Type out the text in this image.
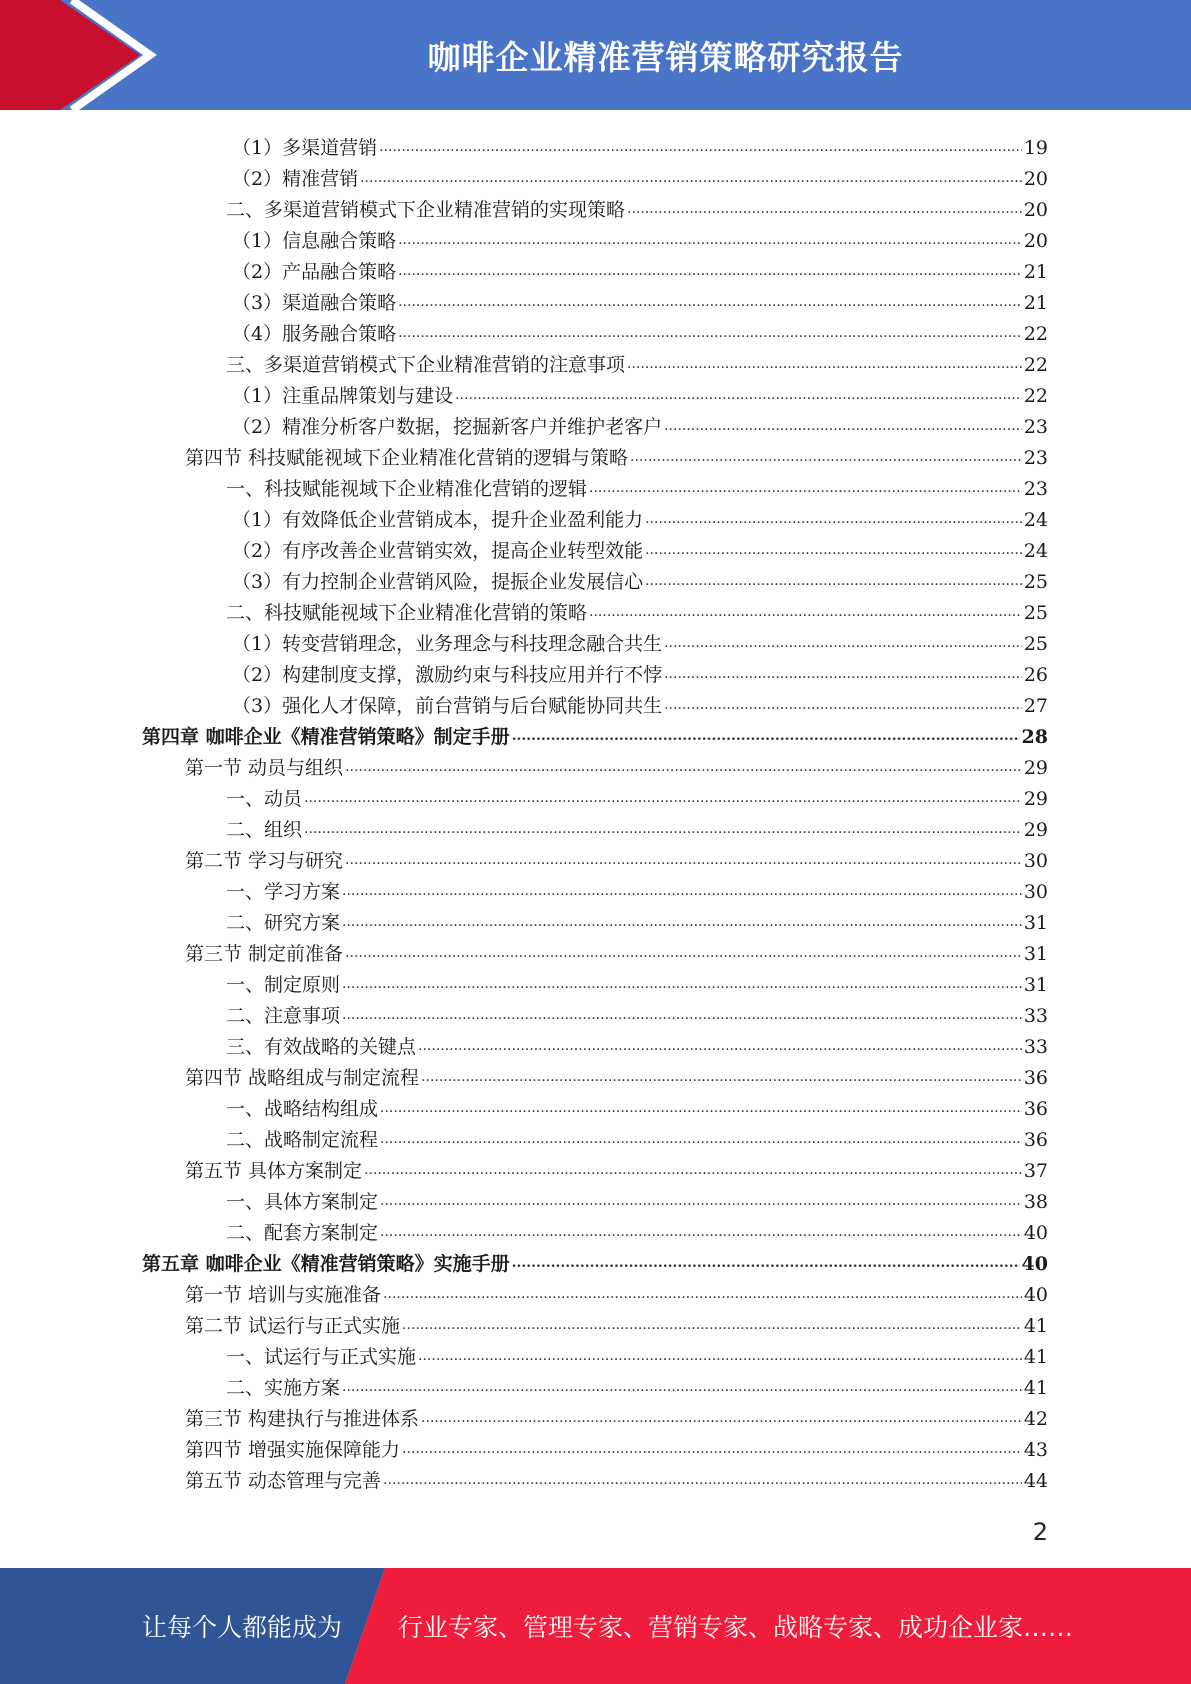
咖啡企业精准营销策略研究报告
（1）多渠道营销 .....	19
（2）精准营销 .....	20
二、多渠道营销模式下企业精准营销的实现策略 .....	20
（1）信息融合策略 .....	20
（2）产品融合策略 .....	21
（3）渠道融合策略 .....	21
（4）服务融合策略 .....	22
三、多渠道营销模式下企业精准营销的注意事项 .....	22
（1）注重品牌策划与建设 .....	22
（2）精准分析客户数据，挖掘新客户并维护老客户 .....	23
第四节 科技赋能视域下企业精准化营销的逻辑与策略 .....	23
一、科技赋能视域下企业精准化营销的逻辑 .....	23
（1）有效降低企业营销成本，提升企业盈利能力 .....	24
（2）有序改善企业营销实效，提高企业转型效能 .....	24
（3）有力控制企业营销风险，提振企业发展信心 .....	25
二、科技赋能视域下企业精准化营销的策略 .....	25
（1）转变营销理念，业务理念与科技理念融合共生 .....	25
（2）构建制度支撑，激励约束与科技应用并行不悖 .....	26
（3）强化人才保障，前台营销与后台赋能协同共生 .....	27
第四章 咖啡企业《精准营销策略》制定手册 .....	28
第一节 动员与组织 .....	29
一、动员 .....	29
二、组织 .....	29
第二节 学习与研究 .....	30
一、学习方案 .....	30
二、研究方案 .....	31
第三节 制定前准备 .....	31
一、制定原则 .....	31
二、注意事项 .....	33
三、有效战略的关键点 .....	33
第四节 战略组成与制定流程 .....	36
一、战略结构组成 .....	36
二、战略制定流程 .....	36
第五节 具体方案制定 .....	37
一、具体方案制定 .....	38
二、配套方案制定 .....	40
第五章 咖啡企业《精准营销策略》实施手册 .....	40
第一节 培训与实施准备 .....	40
第二节 试运行与正式实施 .....	41
一、试运行与正式实施 .....	41
二、实施方案 .....	41
第三节 构建执行与推进体系 .....	42
第四节 增强实施保障能力 .....	43
第五节 动态管理与完善 .....	44
2
让每个人都能成为 行业专家、管理专家、营销专家、战略专家、成功企业家……
